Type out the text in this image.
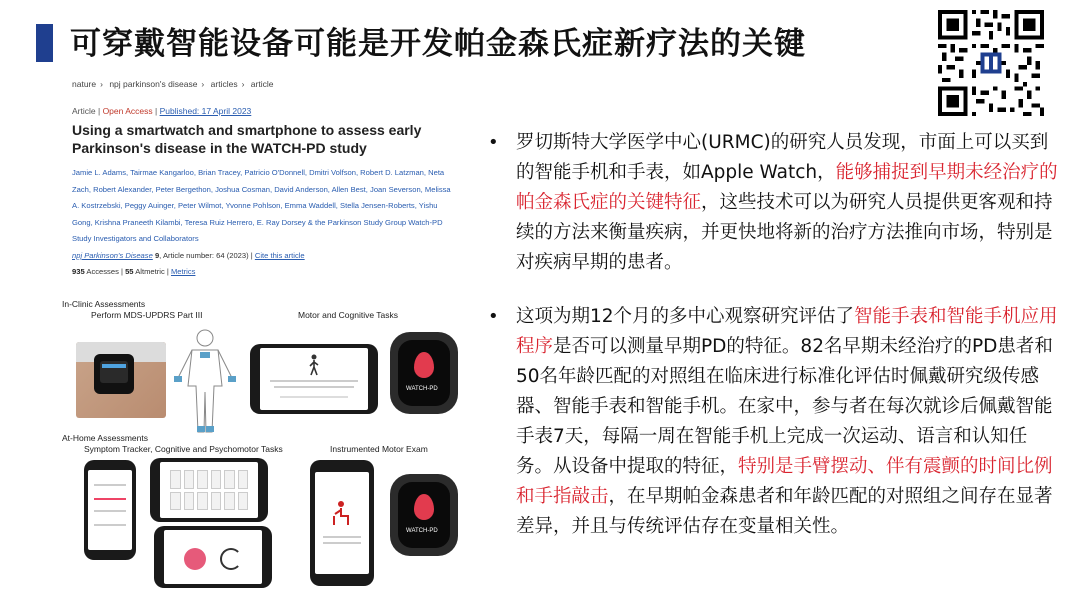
可穿戴智能设备可能是开发帕金森氏症新疗法的关键
nature › npj parkinson's disease › articles › article
Article | Open Access | Published: 17 April 2023
Using a smartwatch and smartphone to assess early Parkinson's disease in the WATCH-PD study
Jamie L. Adams, Tairmae Kangarloo, Brian Tracey, Patricio O'Donnell, Dmitri Volfson, Robert D. Latzman, Neta Zach, Robert Alexander, Peter Bergethon, Joshua Cosman, David Anderson, Allen Best, Joan Severson, Melissa A. Kostrzebski, Peggy Auinger, Peter Wilmot, Yvonne Pohlson, Emma Waddell, Stella Jensen-Roberts, Yishu Gong, Krishna Praneeth Kilambi, Teresa Ruiz Herrero, E. Ray Dorsey & the Parkinson Study Group Watch-PD Study Investigators and Collaborators
npj Parkinson's Disease 9, Article number: 64 (2023) | Cite this article
935 Accesses | 55 Altmetric | Metrics
In-Clinic Assessments
Perform MDS-UPDRS Part III	Motor and Cognitive Tasks
WATCH-PD
At-Home Assessments
Symptom Tracker, Cognitive and Psychomotor Tasks	Instrumented Motor Exam
WATCH-PD
• 罗切斯特大学医学中心(URMC)的研究人员发现，市面上可以买到的智能手机和手表，如Apple Watch，能够捕捉到早期未经治疗的帕金森氏症的关键特征，这些技术可以为研究人员提供更客观和持续的方法来衡量疾病，并更快地将新的治疗方法推向市场，特别是对疾病早期的患者。
• 这项为期12个月的多中心观察研究评估了智能手表和智能手机应用程序是否可以测量早期PD的特征。82名早期未经治疗的PD患者和50名年龄匹配的对照组在临床进行标准化评估时佩戴研究级传感器、智能手表和智能手机。在家中，参与者在每次就诊后佩戴智能手表7天，每隔一周在智能手机上完成一次运动、语言和认知任务。从设备中提取的特征，特别是手臂摆动、伴有震颤的时间比例和手指敲击，在早期帕金森患者和年龄匹配的对照组之间存在显著差异，并且与传统评估存在变量相关性。
